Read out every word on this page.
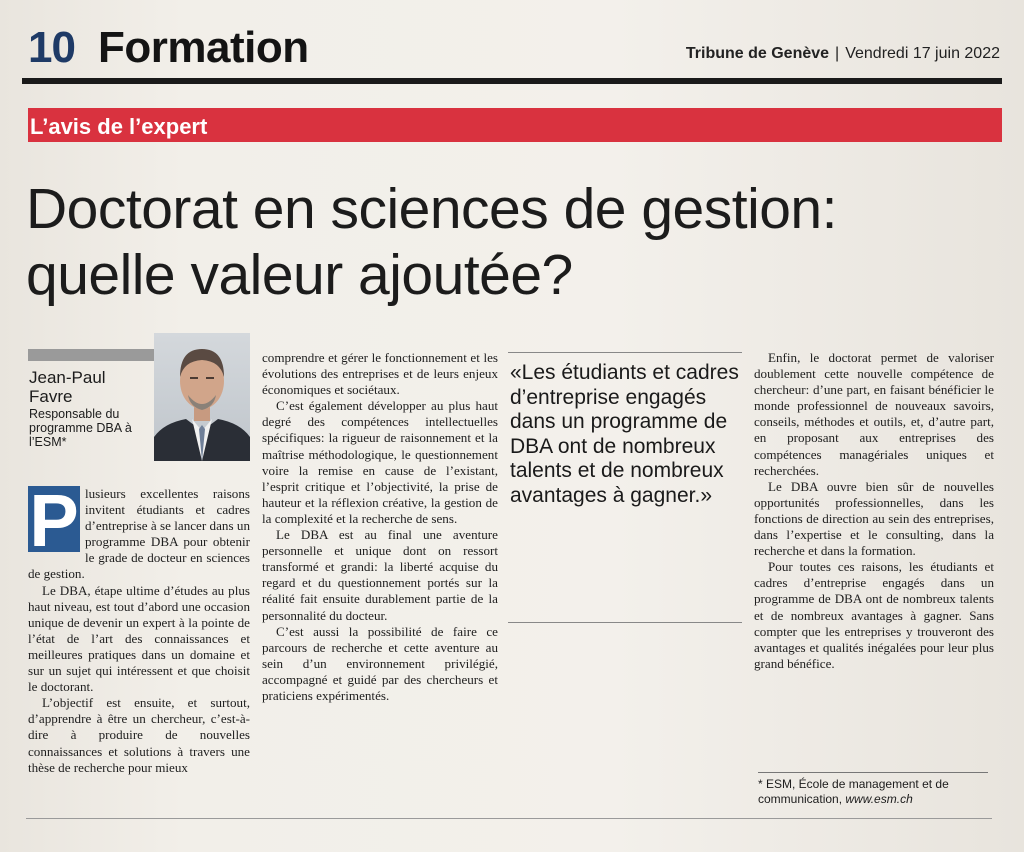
10 Formation	Tribune de Genève | Vendredi 17 juin 2022
L’avis de l’expert
Doctorat en sciences de gestion: quelle valeur ajoutée?
Jean-Paul Favre
Responsable du programme DBA à l’ESM*

P lusieurs excellentes raisons invitent étudiants et cadres d’entreprise à se lancer dans un programme DBA pour obtenir le grade de docteur en sciences de gestion.

Le DBA, étape ultime d’études au plus haut niveau, est tout d’abord une occasion unique de devenir un expert à la pointe de l’état de l’art des connaissances et meilleures pratiques dans un domaine et sur un sujet qui intéressent et que choisit le doctorant.

L’objectif est ensuite, et surtout, d’apprendre à être un chercheur, c’est-à-dire à produire de nouvelles connaissances et solutions à travers une thèse de recherche pour mieux

comprendre et gérer le fonctionnement et les évolutions des entreprises et de leurs enjeux économiques et sociétaux.

C’est également développer au plus haut degré des compétences intellectuelles spécifiques: la rigueur de raisonnement et la maîtrise méthodologique, le questionnement voire la remise en cause de l’existant, l’esprit critique et l’objectivité, la prise de hauteur et la réflexion créative, la gestion de la complexité et la recherche de sens.

Le DBA est au final une aventure personnelle et unique dont on ressort transformé et grandi: la liberté acquise du regard et du questionnement portés sur la réalité fait ensuite durablement partie de la personnalité du docteur.

C’est aussi la possibilité de faire ce parcours de recherche et cette aventure au sein d’un environnement privilégié, accompagné et guidé par des chercheurs et praticiens expérimentés.

«Les étudiants et cadres d’entreprise engagés dans un programme de DBA ont de nombreux talents et de nombreux avantages à gagner.»

Enfin, le doctorat permet de valoriser doublement cette nouvelle compétence de chercheur: d’une part, en faisant bénéficier le monde professionnel de nouveaux savoirs, conseils, méthodes et outils, et, d’autre part, en proposant aux entreprises des compétences managériales uniques et recherchées.

Le DBA ouvre bien sûr de nouvelles opportunités professionnelles, dans les fonctions de direction au sein des entreprises, dans l’expertise et le consulting, dans la recherche et dans la formation.

Pour toutes ces raisons, les étudiants et cadres d’entreprise engagés dans un programme de DBA ont de nombreux talents et de nombreux avantages à gagner. Sans compter que les entreprises y trouveront des avantages et qualités inégalées pour leur plus grand bénéfice.

* ESM, École de management et de communication, www.esm.ch
